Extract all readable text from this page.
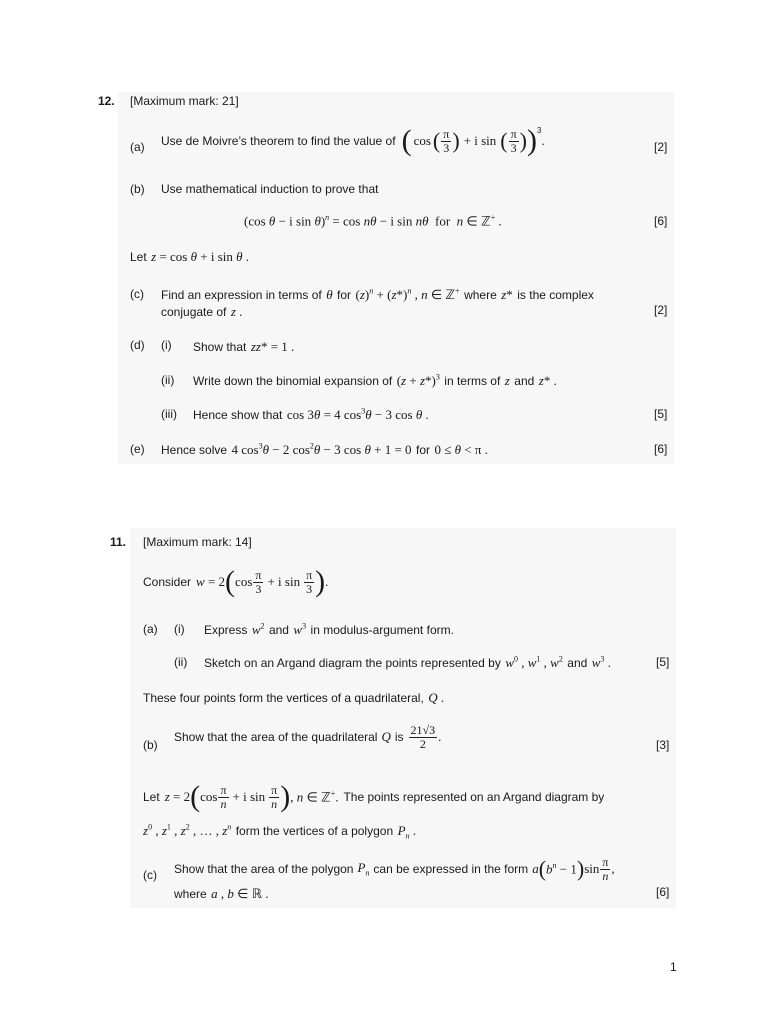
12. [Maximum mark: 21]
(a) Use de Moivre’s theorem to find the value of ( cos ( $\frac{\pi}{3}$ ) + i sin ( $\frac{\pi}{3}$ ) )$^3$
.	[2]
(b) Use mathematical induction to prove that
(cos θ − i sin θ)$^n$ = cos nθ − i sin nθ  for  n ∈ ℤ+ .	[6]
Let z = cos θ + i sin θ .
(c) Find an expression in terms of θ for $(z)^n + (z*)^n$ , n ∈ ℤ+ where z* is the complex
conjugate of z .	[2]
(d) (i) Show that zz* = 1 .
(ii) Write down the binomial expansion of $(z + z*)^3$ in terms of z and z* .
(iii) Hence show that cos 3θ = 4 $\cos^3\theta - 3$ cos θ .	[5]
(e) Hence solve 4 $\cos^3\theta - 2$ $\cos^2\theta - 3$ cos θ + 1 = 0 for 0 ≤ θ < π .	[6]
11. [Maximum mark: 14]
Consider w = 2 ( $\cos \frac{\pi}{3} + i$ $\sin \frac{\pi}{3}$ ) .
(a) (i) Express $w^2$ and $w^3$ in modulus-argument form.
(ii) Sketch on an Argand diagram the points represented by $w^0$ , $w^1$ , $w^2$ and $w^3$ .	[5]
These four points form the vertices of a quadrilateral, Q .
(b)
Show that the area of the quadrilateral Q is $\frac{21√3}{2}$ .
[3]
Let z = 2 ( $\cos \frac{\pi}{n} + i$ $\sin \frac{\pi}{n}$ ) , n ∈ ℤ+. The points represented on an Argand diagram by
$z^0$ , $z^1$ , $z^2$ , … , $z^n$ form the vertices of a polygon $P_n$ .
(c) Show that the area of the polygon $P_n$ can be expressed in the form a ( $b^n - 1$ ) $\sin \frac{\pi}{n}$ ,
where a , b ∈ ℝ .	[6]
1
